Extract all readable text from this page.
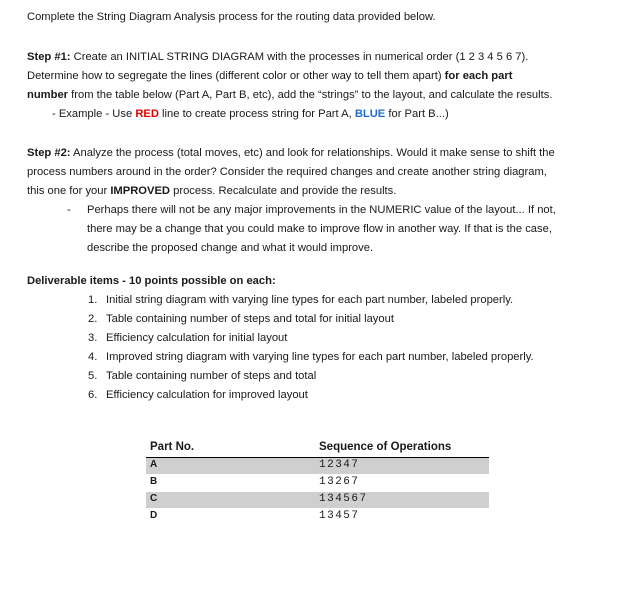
Complete the String Diagram Analysis process for the routing data provided below.
Step #1: Create an INITIAL STRING DIAGRAM with the processes in numerical order (1 2 3 4 5 6 7).
Determine how to segregate the lines (different color or other way to tell them apart) for each part
number from the table below (Part A, Part B, etc), add the “strings” to the layout, and calculate the results.
- Example - Use RED line to create process string for Part A, BLUE for Part B...)
Step #2: Analyze the process (total moves, etc) and look for relationships. Would it make sense to shift the
process numbers around in the order? Consider the required changes and create another string diagram,
this one for your IMPROVED process. Recalculate and provide the results.
- Perhaps there will not be any major improvements in the NUMERIC value of the layout... If not,
there may be a change that you could make to improve flow in another way. If that is the case,
describe the proposed change and what it would improve.
Deliverable items - 10 points possible on each:
1. Initial string diagram with varying line types for each part number, labeled properly.
2. Table containing number of steps and total for initial layout
3. Efficiency calculation for initial layout
4. Improved string diagram with varying line types for each part number, labeled properly.
5. Table containing number of steps and total
6. Efficiency calculation for improved layout
Part No.	Sequence of Operations
A	12347
B	13267
C	134567
D	13457
